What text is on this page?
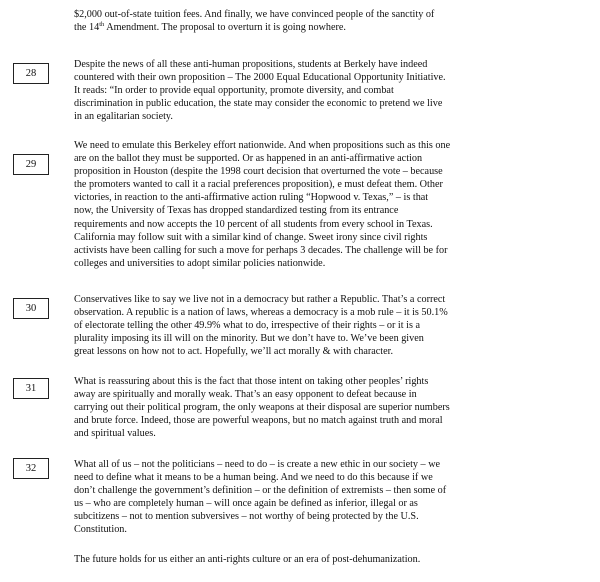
$2,000 out-of-state tuition fees. And finally, we have convinced people of the sanctity of
the 14th Amendment. The proposal to overturn it is going nowhere.
28
Despite the news of all these anti-human propositions, students at Berkely have indeed
countered with their own proposition – The 2000 Equal Educational Opportunity Initiative.
It reads: “In order to provide equal opportunity, promote diversity, and combat
discrimination in public education, the state may consider the economic to pretend we live
in an egalitarian society.
29
We need to emulate this Berkeley effort nationwide. And when propositions such as this one
are on the ballot they must be supported. Or as happened in an anti-affirmative action
proposition in Houston (despite the 1998 court decision that overturned the vote – because
the promoters wanted to call it a racial preferences proposition), e must defeat them. Other
victories, in reaction to the anti-affirmative action ruling “Hopwood v. Texas,” – is that
now, the University of Texas has dropped standardized testing from its entrance
requirements and now accepts the 10 percent of all students from every school in Texas.
California may follow suit with a similar kind of change. Sweet irony since civil rights
activists have been calling for such a move for perhaps 3 decades. The challenge will be for
colleges and universities to adopt similar policies nationwide.
30
Conservatives like to say we live not in a democracy but rather a Republic. That’s a correct
observation. A republic is a nation of laws, whereas a democracy is a mob rule – it is 50.1%
of electorate telling the other 49.9% what to do, irrespective of their rights – or it is a
plurality imposing its ill will on the minority. But we don’t have to. We’ve been given
great lessons on how not to act. Hopefully, we’ll act morally & with character.
31
What is reassuring about this is the fact that those intent on taking other peoples’ rights
away are spiritually and morally weak. That’s an easy opponent to defeat because in
carrying out their political program, the only weapons at their disposal are superior numbers
and brute force. Indeed, those are powerful weapons, but no match against truth and moral
and spiritual values.
32	What all of us – not the politicians – need to do – is create a new ethic in our society – we
need to define what it means to be a human being. And we need to do this because if we
don’t challenge the government’s definition – or the definition of extremists – then some of
us – who are completely human – will once again be defined as inferior, illegal or as
subcitizens – not to mention subversives – not worthy of being protected by the U.S.
Constitution.
The future holds for us either an anti-rights culture or an era of post-dehumanization.
